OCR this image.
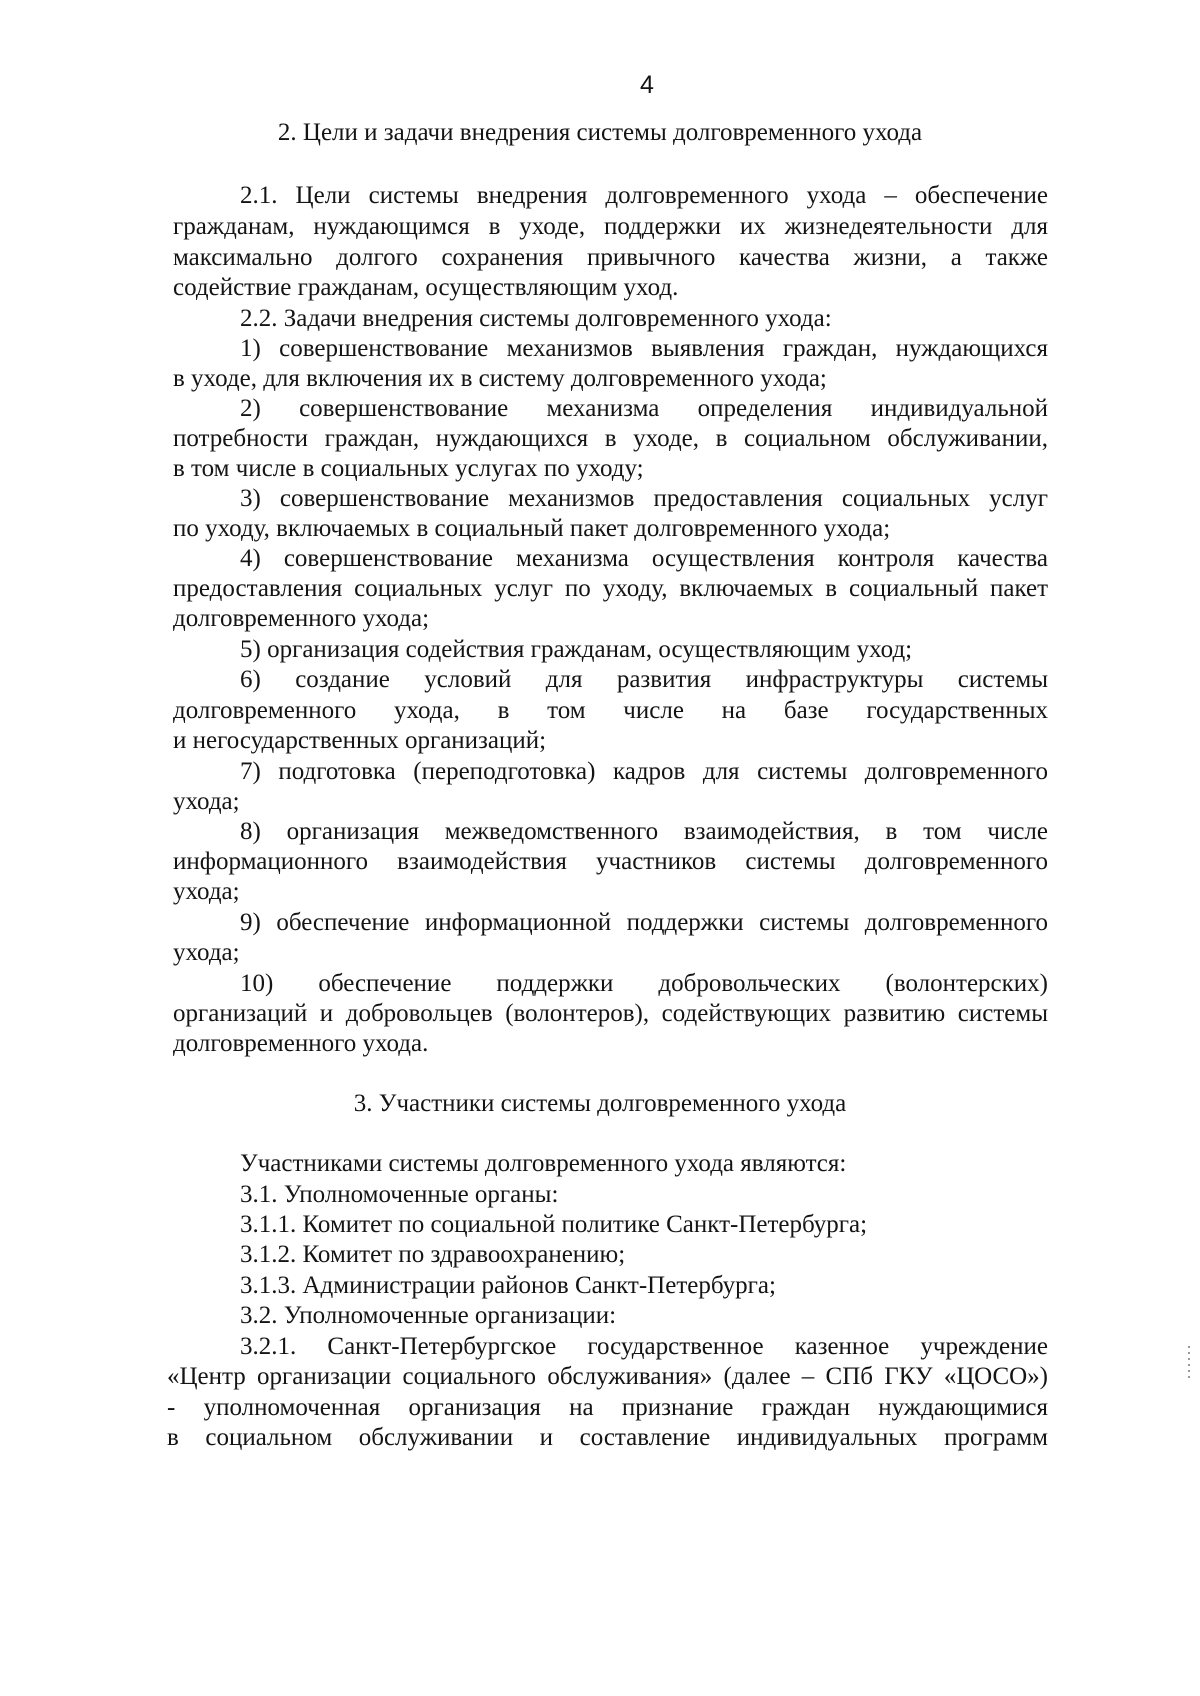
4
2. Цели и задачи внедрения системы долговременного ухода
2.1. Цели системы внедрения долговременного ухода – обеспечение
гражданам, нуждающимся в уходе, поддержки их жизнедеятельности для
максимально долгого сохранения привычного качества жизни, а также
содействие гражданам, осуществляющим уход.
2.2. Задачи внедрения системы долговременного ухода:
1) совершенствование механизмов выявления граждан, нуждающихся
в уходе, для включения их в систему долговременного ухода;
2) совершенствование механизма определения индивидуальной
потребности граждан, нуждающихся в уходе, в социальном обслуживании,
в том числе в социальных услугах по уходу;
3) совершенствование механизмов предоставления социальных услуг
по уходу, включаемых в социальный пакет долговременного ухода;
4) совершенствование механизма осуществления контроля качества
предоставления социальных услуг по уходу, включаемых в социальный пакет
долговременного ухода;
5) организация содействия гражданам, осуществляющим уход;
6) создание условий для развития инфраструктуры системы
долговременного ухода, в том числе на базе государственных
и негосударственных организаций;
7) подготовка (переподготовка) кадров для системы долговременного
ухода;
8) организация межведомственного взаимодействия, в том числе
информационного взаимодействия участников системы долговременного
ухода;
9) обеспечение информационной поддержки системы долговременного
ухода;
10) обеспечение поддержки добровольческих (волонтерских)
организаций и добровольцев (волонтеров), содействующих развитию системы
долговременного ухода.
3. Участники системы долговременного ухода
Участниками системы долговременного ухода являются:
3.1. Уполномоченные органы:
3.1.1. Комитет по социальной политике Санкт-Петербурга;
3.1.2. Комитет по здравоохранению;
3.1.3. Администрации районов Санкт-Петербурга;
3.2. Уполномоченные организации:
3.2.1. Санкт-Петербургское государственное казенное учреждение
«Центр организации социального обслуживания» (далее – СПб ГКУ «ЦОСО»)
- уполномоченная организация на признание граждан нуждающимися
в социальном обслуживании и составление индивидуальных программ
